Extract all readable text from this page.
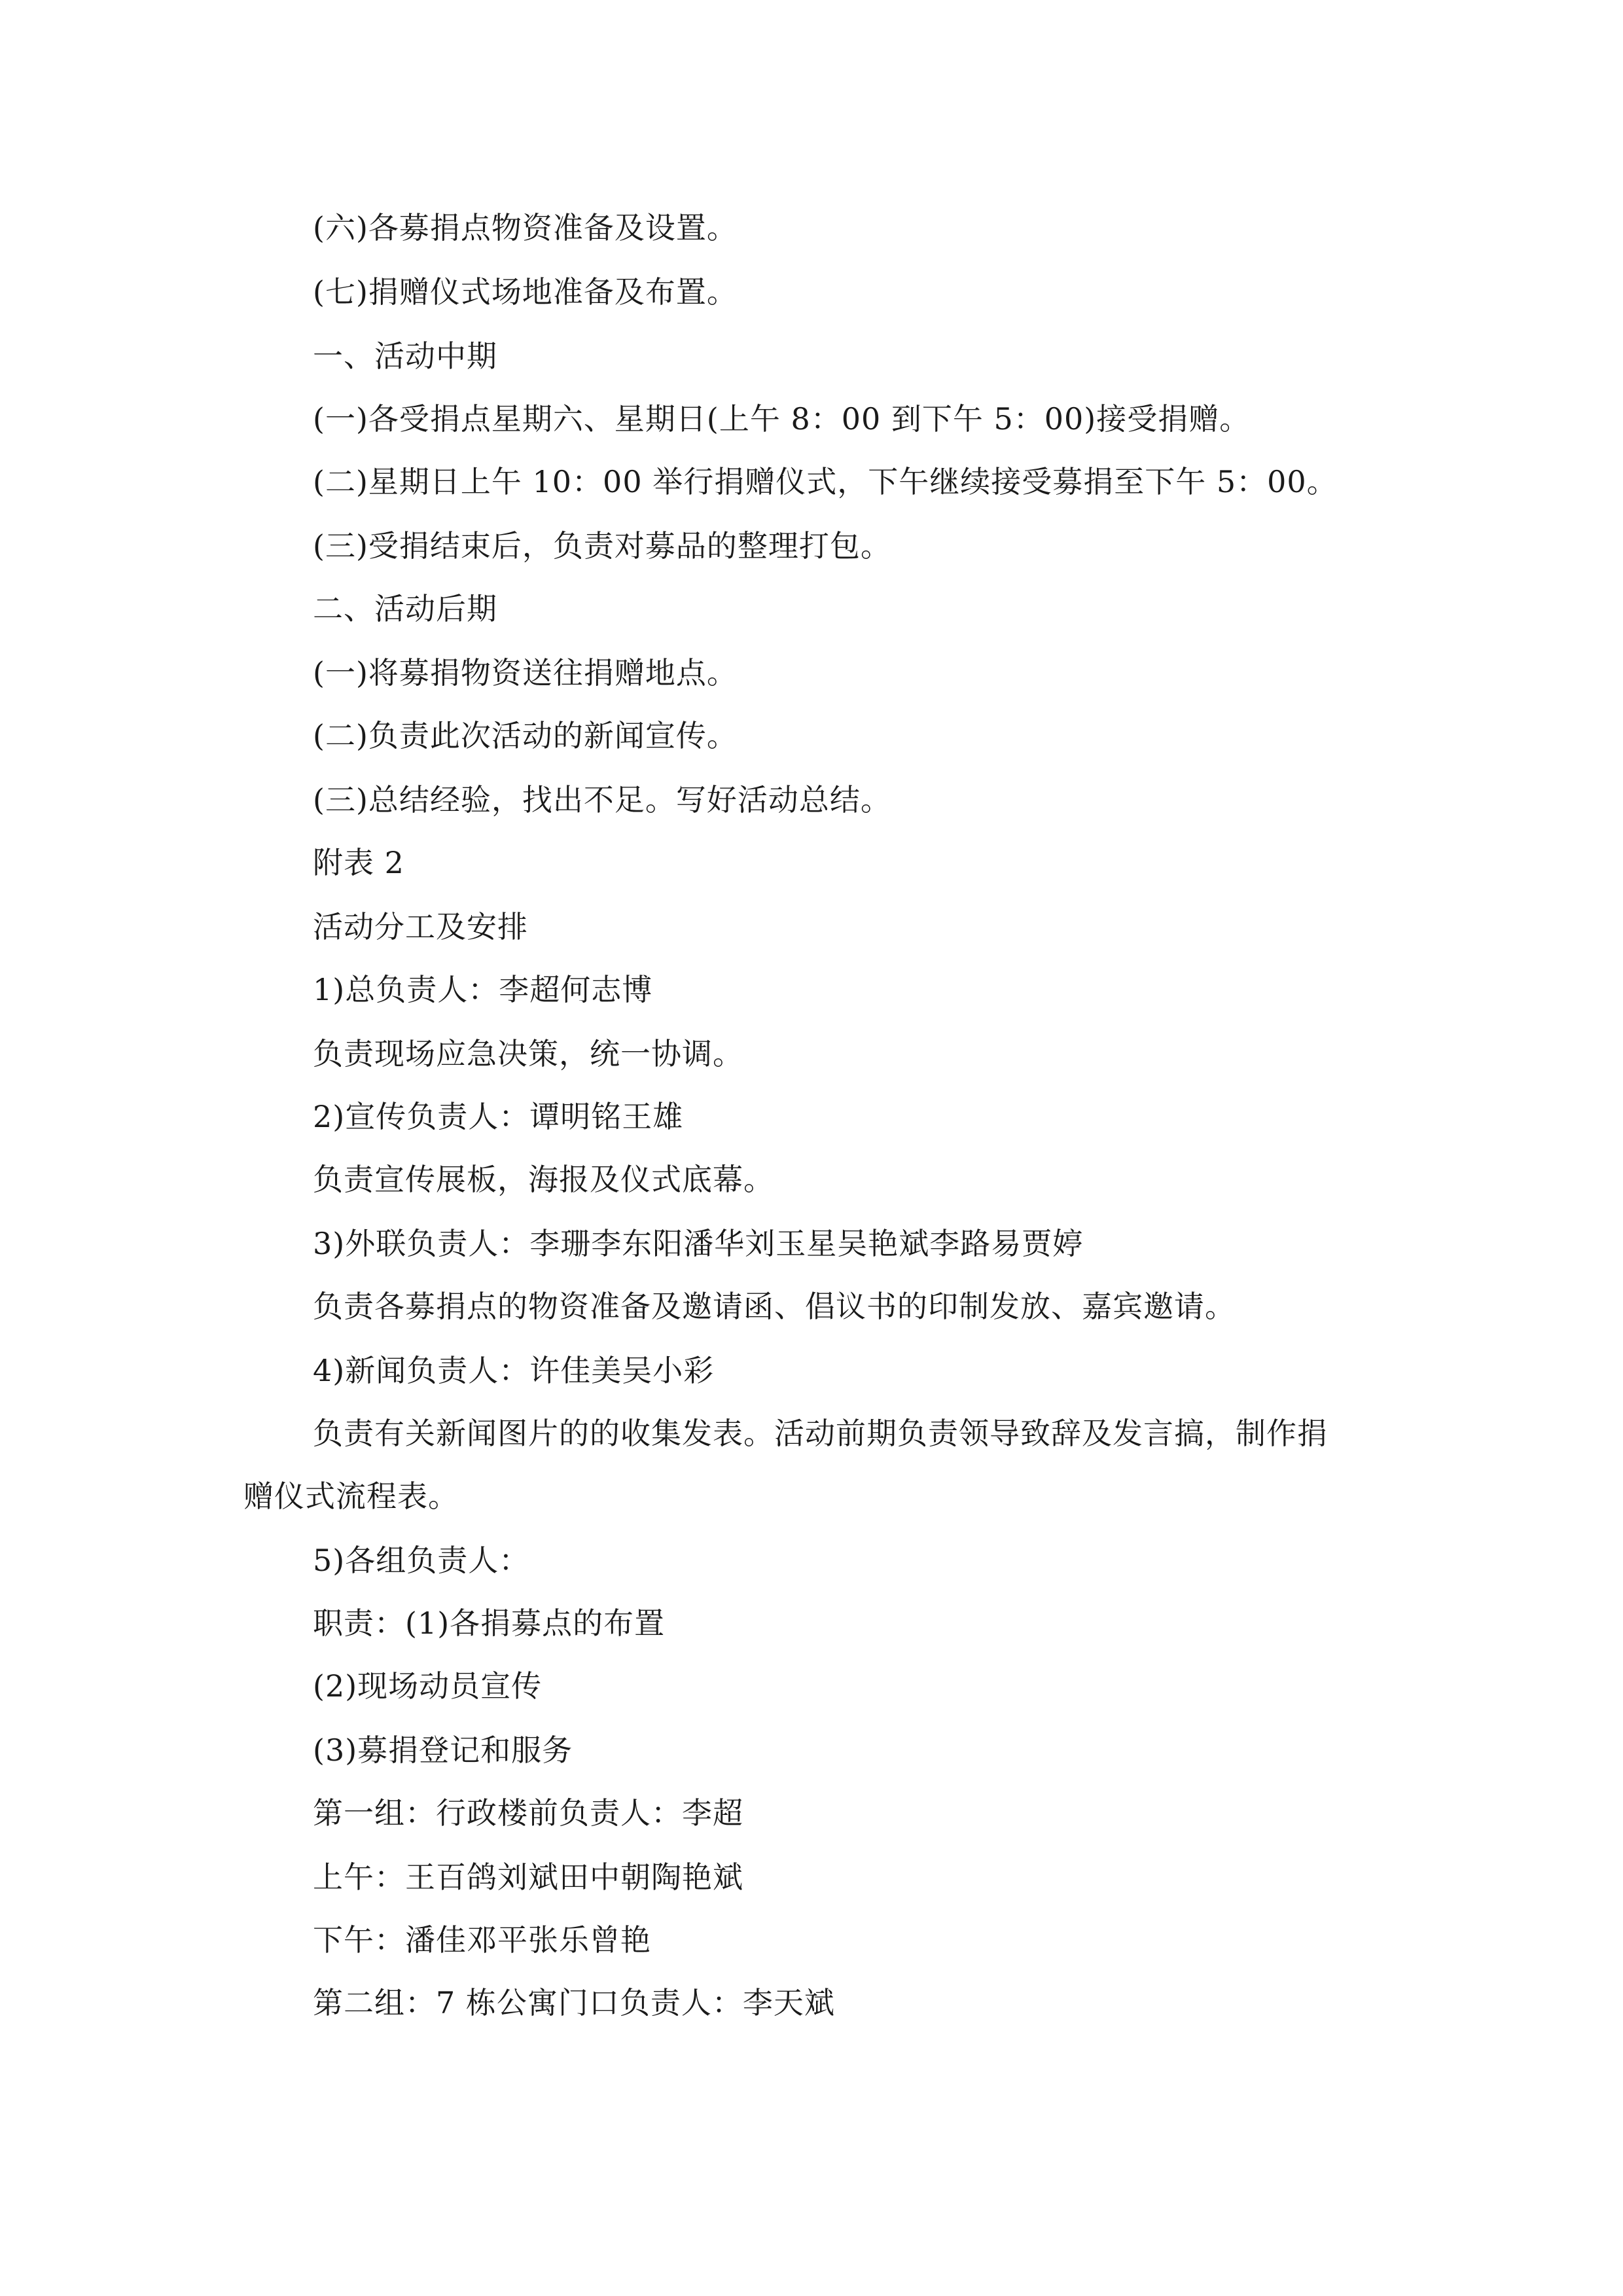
(六)各募捐点物资准备及设置。
(七)捐赠仪式场地准备及布置。
一、活动中期
(一)各受捐点星期六、星期日(上午 8：00 到下午 5：00)接受捐赠。
(二)星期日上午 10：00 举行捐赠仪式，下午继续接受募捐至下午 5：00。
(三)受捐结束后，负责对募品的整理打包。
二、活动后期
(一)将募捐物资送往捐赠地点。
(二)负责此次活动的新闻宣传。
(三)总结经验，找出不足。写好活动总结。
附表 2
活动分工及安排
1)总负责人：李超何志博
负责现场应急决策，统一协调。
2)宣传负责人：谭明铭王雄
负责宣传展板，海报及仪式底幕。
3)外联负责人：李珊李东阳潘华刘玉星吴艳斌李路易贾婷
负责各募捐点的物资准备及邀请函、倡议书的印制发放、嘉宾邀请。
4)新闻负责人：许佳美吴小彩
负责有关新闻图片的的收集发表。活动前期负责领导致辞及发言搞，制作捐
赠仪式流程表。
5)各组负责人：
职责：(1)各捐募点的布置
(2)现场动员宣传
(3)募捐登记和服务
第一组：行政楼前负责人：李超
上午：王百鸽刘斌田中朝陶艳斌
下午：潘佳邓平张乐曾艳
第二组：7 栋公寓门口负责人：李天斌
